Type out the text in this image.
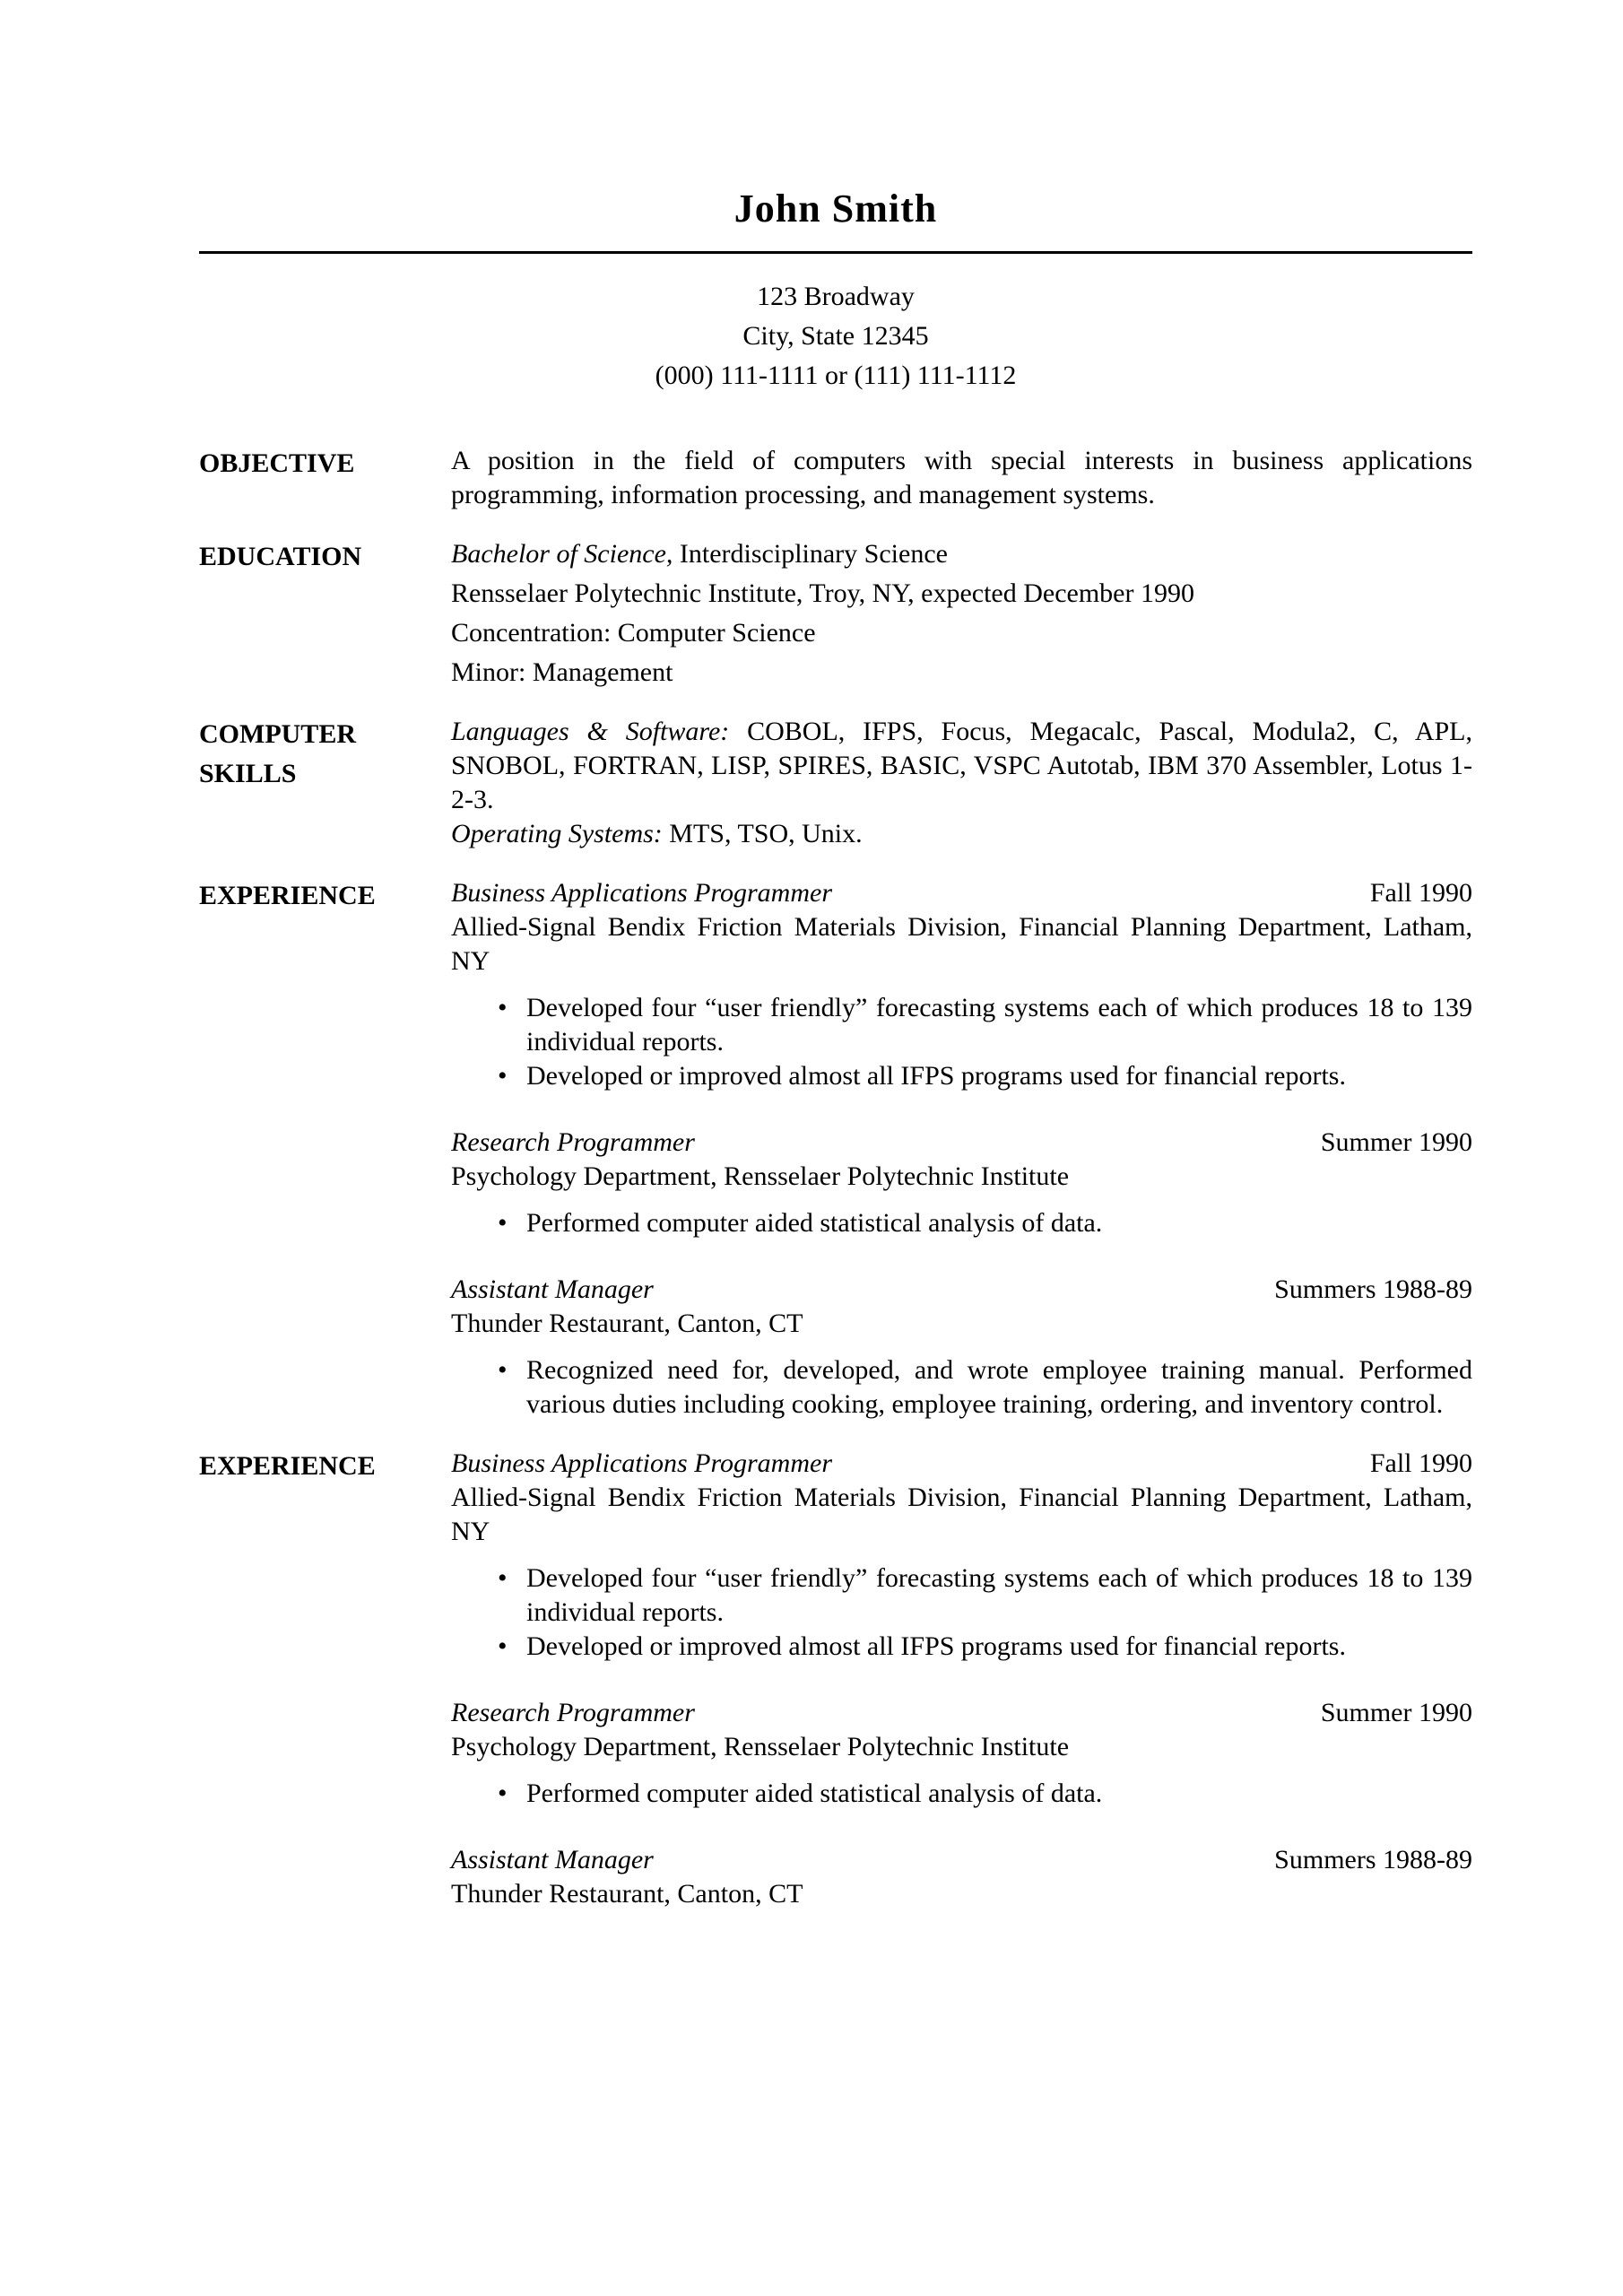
John Smith
123 Broadway
City, State 12345
(000) 111-1111 or (111) 111-1112
OBJECTIVE	A position in the field of computers with special interests in business applications programming, information processing, and management systems.
EDUCATION	Bachelor of Science, Interdisciplinary Science
Rensselaer Polytechnic Institute, Troy, NY, expected December 1990
Concentration: Computer Science
Minor: Management
COMPUTER
SKILLS
Languages & Software: COBOL, IFPS, Focus, Megacalc, Pascal, Modula2, C, APL, SNOBOL, FORTRAN, LISP, SPIRES, BASIC, VSPC Autotab, IBM 370 Assembler, Lotus 1-2-3.
Operating Systems: MTS, TSO, Unix.
EXPERIENCE	Business Applications Programmer	Fall 1990
Allied-Signal Bendix Friction Materials Division, Financial Planning Department, Latham, NY
• Developed four “user friendly” forecasting systems each of which produces 18 to 139 individual reports.
• Developed or improved almost all IFPS programs used for financial reports.
Research Programmer	Summer 1990
Psychology Department, Rensselaer Polytechnic Institute
• Performed computer aided statistical analysis of data.
Assistant Manager	Summers 1988-89
Thunder Restaurant, Canton, CT
• Recognized need for, developed, and wrote employee training manual. Performed various duties including cooking, employee training, ordering, and inventory control.
EXPERIENCE	Business Applications Programmer	Fall 1990
Allied-Signal Bendix Friction Materials Division, Financial Planning Department, Latham, NY
• Developed four “user friendly” forecasting systems each of which produces 18 to 139 individual reports.
• Developed or improved almost all IFPS programs used for financial reports.
Research Programmer	Summer 1990
Psychology Department, Rensselaer Polytechnic Institute
• Performed computer aided statistical analysis of data.
Assistant Manager	Summers 1988-89
Thunder Restaurant, Canton, CT
